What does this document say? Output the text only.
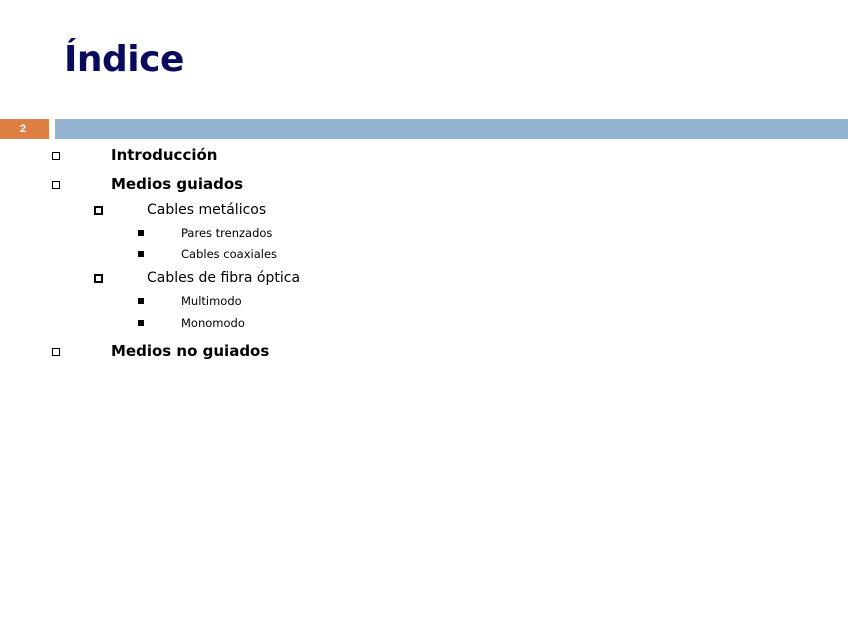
Índice
2
Introducción
Medios guiados
Cables metálicos
Pares trenzados
Cables coaxiales
Cables de fibra óptica
Multimodo
Monomodo
Medios no guiados
